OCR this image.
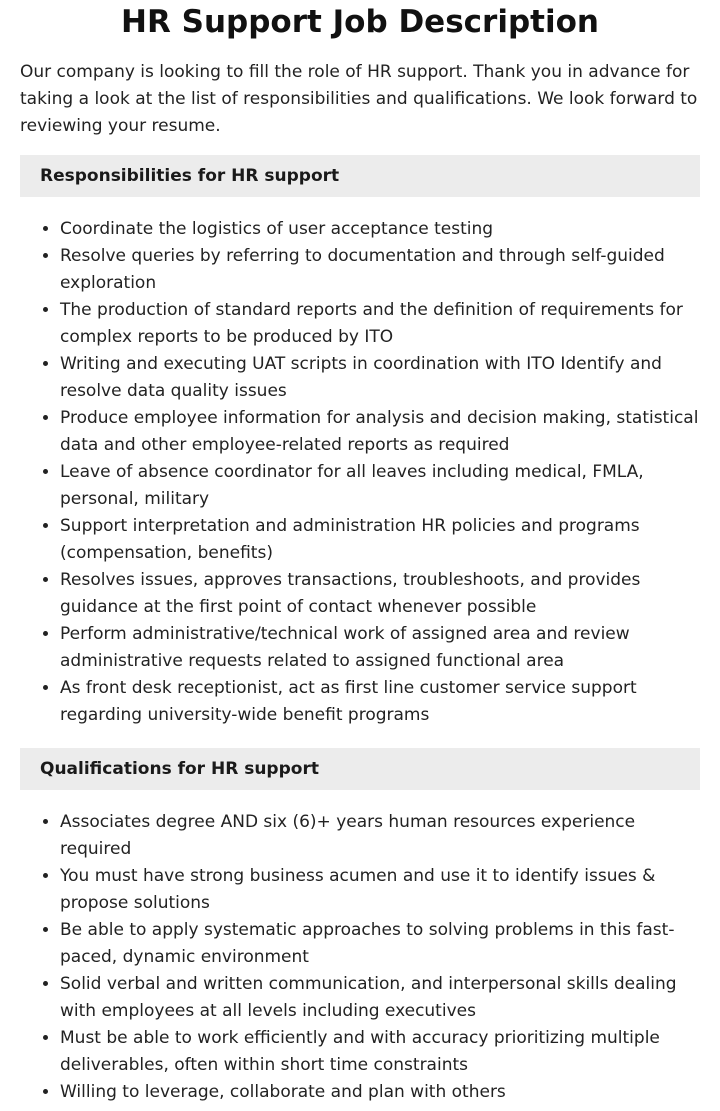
HR Support Job Description

Our company is looking to fill the role of HR support. Thank you in advance for taking a look at the list of responsibilities and qualifications. We look forward to reviewing your resume.

Responsibilities for HR support
• Coordinate the logistics of user acceptance testing
• Resolve queries by referring to documentation and through self-guided exploration
• The production of standard reports and the definition of requirements for complex reports to be produced by ITO
• Writing and executing UAT scripts in coordination with ITO Identify and resolve data quality issues
• Produce employee information for analysis and decision making, statistical data and other employee-related reports as required
• Leave of absence coordinator for all leaves including medical, FMLA, personal, military
• Support interpretation and administration HR policies and programs (compensation, benefits)
• Resolves issues, approves transactions, troubleshoots, and provides guidance at the first point of contact whenever possible
• Perform administrative/technical work of assigned area and review administrative requests related to assigned functional area
• As front desk receptionist, act as first line customer service support regarding university-wide benefit programs
Qualifications for HR support
• Associates degree AND six (6)+ years human resources experience required
• You must have strong business acumen and use it to identify issues & propose solutions
• Be able to apply systematic approaches to solving problems in this fast-paced, dynamic environment
• Solid verbal and written communication, and interpersonal skills dealing with employees at all levels including executives
• Must be able to work efficiently and with accuracy prioritizing multiple deliverables, often within short time constraints
• Willing to leverage, collaborate and plan with others
